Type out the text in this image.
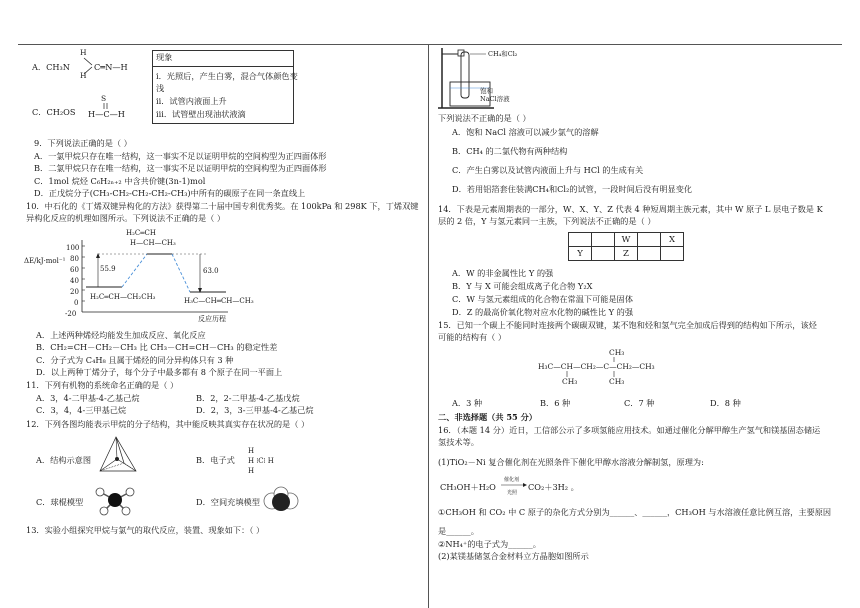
A．CH₃N
H
H
C═N—H
C．CH₂OS
S
H—C—H
现象
i．光照后，产生白雾，混合气体颜色变
浅
ii．试管内液面上升
iii．试管壁出现油状液滴
9．下列说法正确的是（ ）
A．一氯甲烷只存在唯一结构，这一事实不足以证明甲烷的空间构型为正四面体形
B．二氯甲烷只存在唯一结构，这一事实不足以证明甲烷的空间构型为正四面体形
C．1mol 烷烃 C₆H₂ₙ₊₂ 中含共价键(3n-1)mol
D．正戊烷分子(CH₃-CH₂-CH₂-CH₂-CH₃)中所有的碳原子在同一条直线上
10．中石化的《丁烯双键异构化的方法》获得第二十届中国专利优秀奖。在 100kPa 和 298K 下，丁烯双键
异构化反应的机理如图所示。下列说法不正确的是（ ）
ΔE/kJ·mol⁻¹
100
80
60
40
20
0
-20
55.9	63.0
H₂C═CH
H—CH—CH₃
H₂C═CH—CH₂CH₃	H₃C—CH═CH—CH₃
反应历程
A．上述两种烯烃均能发生加成反应、氧化反应
B．CH₂=CH－CH₂－CH₃ 比 CH₃－CH=CH－CH₃ 的稳定性差
C．分子式为 C₄H₈ 且属于烯烃的同分异构体只有 3 种
D．以上两种丁烯分子，每个分子中最多都有 8 个原子在同一平面上
11．下列有机物的系统命名正确的是（ ）
A．3，4-二甲基-4-乙基己烷	B．2，2-二甲基-4-乙基戊烷
C．3，4，4-三甲基己烷	D．2，3，3-三甲基-4-乙基己烷
12．下列各图均能表示甲烷的分子结构，其中能反映其真实存在状况的是（ ）
A．结构示意图	B．电子式
H
H ⁞C⁞ H
H
C．球棍模型	D．空间充填模型
13．实验小组探究甲烷与氯气的取代反应，装置、现象如下：（ ）
CH₄和Cl₂
饱和
NaCl溶液
下列说法不正确的是（ ）
A．饱和 NaCl 溶液可以减少氯气的溶解
B．CH₄ 的二氯代物有两种结构
C．产生白雾以及试管内液面上升与 HCl 的生成有关
D．若用铝箔套住装满CH₄和Cl₂的试管，一段时间后没有明显变化
14．下表是元素周期表的一部分，W、X、Y、Z 代表 4 种短周期主族元素，其中 W 原子 L 层电子数是 K
层的 2 倍，Y 与氢元素同一主族，下列说法不正确的是（ ）
		W		X
Y		Z		
A．W 的非金属性比 Y 的强
B．Y 与 X 可能会组成离子化合物 Y₂X
C．W 与氢元素组成的化合物在常温下可能是固体
D．Z 的最高价氧化物对应水化物的碱性比 Y 的强
15．已知一个碳上不能同时连接两个碳碳双键，某不饱和烃和氢气完全加成后得到的结构如下所示，该烃
可能的结构有（ ）
CH₃
H₃C—CH—CH₂—C—CH₂—CH₃
CH₃	CH₃
A．3 种	B．6 种	C．7 种	D．8 种
二、非选择题（共 55 分）
16．（本题 14 分）近日，工信部公示了多项氢能应用技术。如通过催化分解甲醇生产氢气和镁基固态储运
氢技术等。
(1)TiO₂－Ni 复合催化剂在光照条件下催化甲醇水溶液分解制氢，原理为:
CH₃OH＋H₂O
催化剂
光照
CO₂＋3H₂ 。
①CH₃OH 和 CO₂ 中 C 原子的杂化方式分别为______、______，CH₃OH 与水溶液任意比例互溶，主要原因
是______。
②NH₄⁺的电子式为______。
(2)某镁基储氢合金材料立方晶胞如图所示
